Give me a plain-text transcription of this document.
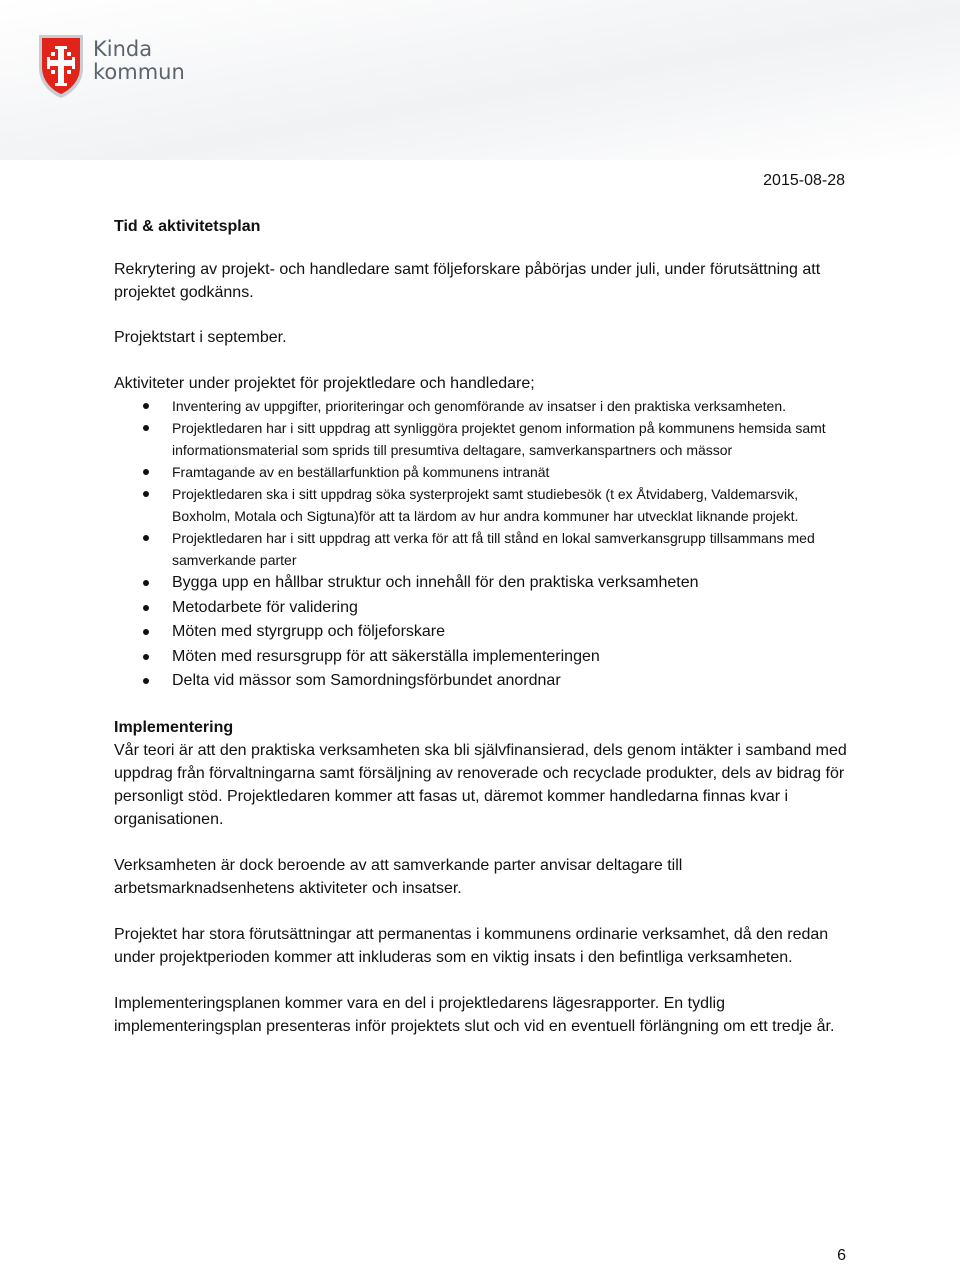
Kinda
kommun
2015-08-28
Tid & aktivitetsplan

Rekrytering av projekt- och handledare samt följeforskare påbörjas under juli, under förutsättning att projektet godkänns.

Projektstart i september.

Aktiviteter under projektet för projektledare och handledare;

Inventering av uppgifter, prioriteringar och genomförande av insatser i den praktiska verksamheten.
Projektledaren har i sitt uppdrag att synliggöra projektet genom information på kommunens hemsida samt informationsmaterial som sprids till presumtiva deltagare, samverkanspartners och mässor
Framtagande av en beställarfunktion på kommunens intranät
Projektledaren ska i sitt uppdrag söka systerprojekt samt studiebesök (t ex Åtvidaberg, Valdemarsvik, Boxholm, Motala och Sigtuna)för att ta lärdom av hur andra kommuner har utvecklat liknande projekt.
Projektledaren har i sitt uppdrag att verka för att få till stånd en lokal samverkansgrupp tillsammans med samverkande parter
Bygga upp en hållbar struktur och innehåll för den praktiska verksamheten
Metodarbete för validering
Möten med styrgrupp och följeforskare
Möten med resursgrupp för att säkerställa implementeringen
Delta vid mässor som Samordningsförbundet anordnar
Implementering

Vår teori är att den praktiska verksamheten ska bli självfinansierad, dels genom intäkter i samband med uppdrag från förvaltningarna samt försäljning av renoverade och recyclade produkter, dels av bidrag för personligt stöd. Projektledaren kommer att fasas ut, däremot kommer handledarna finnas kvar i organisationen.

Verksamheten är dock beroende av att samverkande parter anvisar deltagare till arbetsmarknadsenhetens aktiviteter och insatser.

Projektet har stora förutsättningar att permanentas i kommunens ordinarie verksamhet, då den redan under projektperioden kommer att inkluderas som en viktig insats i den befintliga verksamheten.

Implementeringsplanen kommer vara en del i projektledarens lägesrapporter. En tydlig implementeringsplan presenteras inför projektets slut och vid en eventuell förlängning om ett tredje år.

6
